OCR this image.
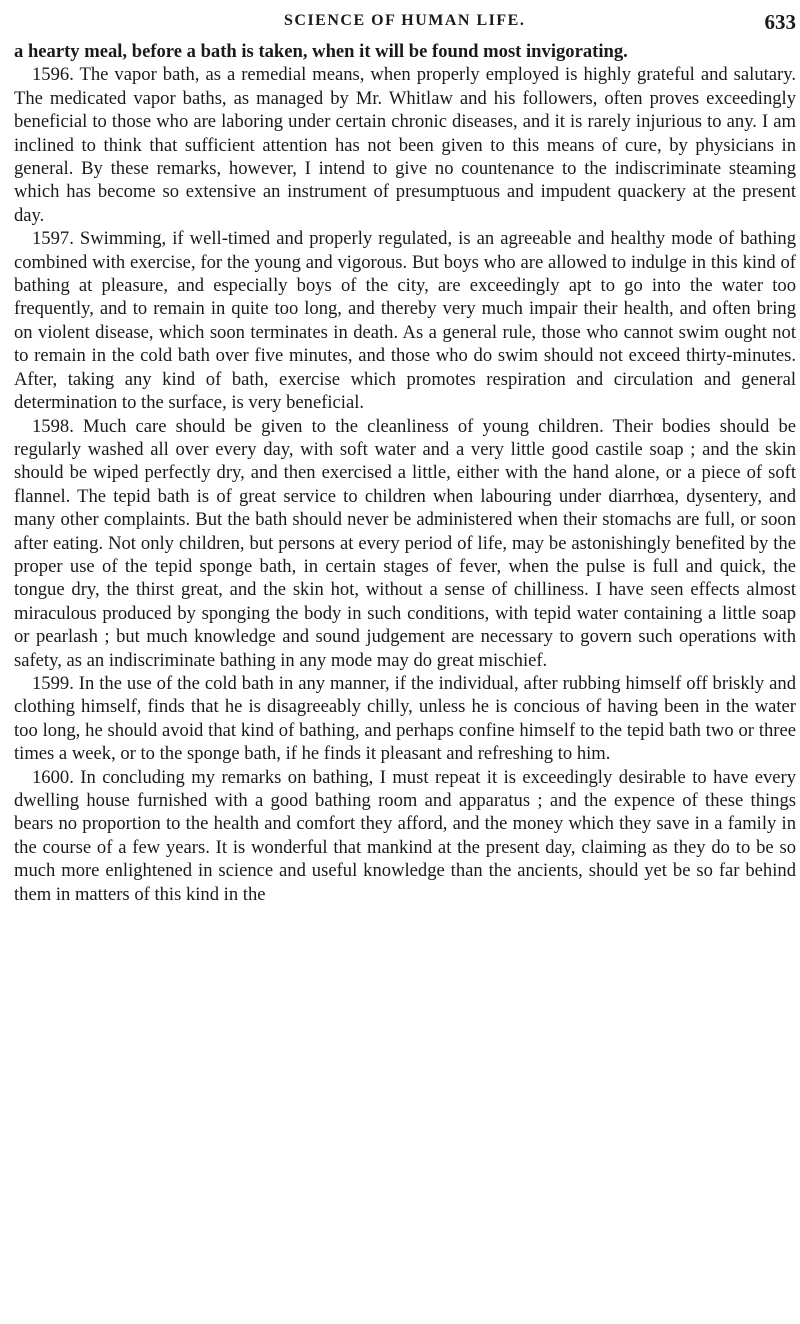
SCIENCE OF HUMAN LIFE.	633

a hearty meal, before a bath is taken, when it will be found most invigorating.

1596. The vapor bath, as a remedial means, when properly employed is highly grateful and salutary. The medicated vapor baths, as managed by Mr. Whitlaw and his followers, often proves exceedingly beneficial to those who are laboring under certain chronic diseases, and it is rarely injurious to any. I am inclined to think that sufficient attention has not been given to this means of cure, by physicians in general. By these remarks, however, I intend to give no countenance to the indiscriminate steaming which has become so extensive an instrument of presumptuous and impudent quackery at the present day.

1597. Swimming, if well-timed and properly regulated, is an agreeable and healthy mode of bathing combined with exercise, for the young and vigorous. But boys who are allowed to indulge in this kind of bathing at pleasure, and especially boys of the city, are exceedingly apt to go into the water too frequently, and to remain in quite too long, and thereby very much impair their health, and often bring on violent disease, which soon terminates in death. As a general rule, those who cannot swim ought not to remain in the cold bath over five minutes, and those who do swim should not exceed thirty-minutes. After, taking any kind of bath, exercise which promotes respiration and circulation and general determination to the surface, is very beneficial.

1598. Much care should be given to the cleanliness of young children. Their bodies should be regularly washed all over every day, with soft water and a very little good castile soap ; and the skin should be wiped perfectly dry, and then exercised a little, either with the hand alone, or a piece of soft flannel. The tepid bath is of great service to children when labouring under diarrhœa, dysentery, and many other complaints. But the bath should never be administered when their stomachs are full, or soon after eating. Not only children, but persons at every period of life, may be astonishingly benefited by the proper use of the tepid sponge bath, in certain stages of fever, when the pulse is full and quick, the tongue dry, the thirst great, and the skin hot, without a sense of chilliness. I have seen effects almost miraculous produced by sponging the body in such conditions, with tepid water containing a little soap or pearlash ; but much knowledge and sound judgement are necessary to govern such operations with safety, as an indiscriminate bathing in any mode may do great mischief.

1599. In the use of the cold bath in any manner, if the individual, after rubbing himself off briskly and clothing himself, finds that he is disagreeably chilly, unless he is concious of having been in the water too long, he should avoid that kind of bathing, and perhaps confine himself to the tepid bath two or three times a week, or to the sponge bath, if he finds it pleasant and refreshing to him.

1600. In concluding my remarks on bathing, I must repeat it is exceedingly desirable to have every dwelling house furnished with a good bathing room and apparatus ; and the expence of these things bears no proportion to the health and comfort they afford, and the money which they save in a family in the course of a few years. It is wonderful that mankind at the present day, claiming as they do to be so much more enlightened in science and useful knowledge than the ancients, should yet be so far behind them in matters of this kind in the
